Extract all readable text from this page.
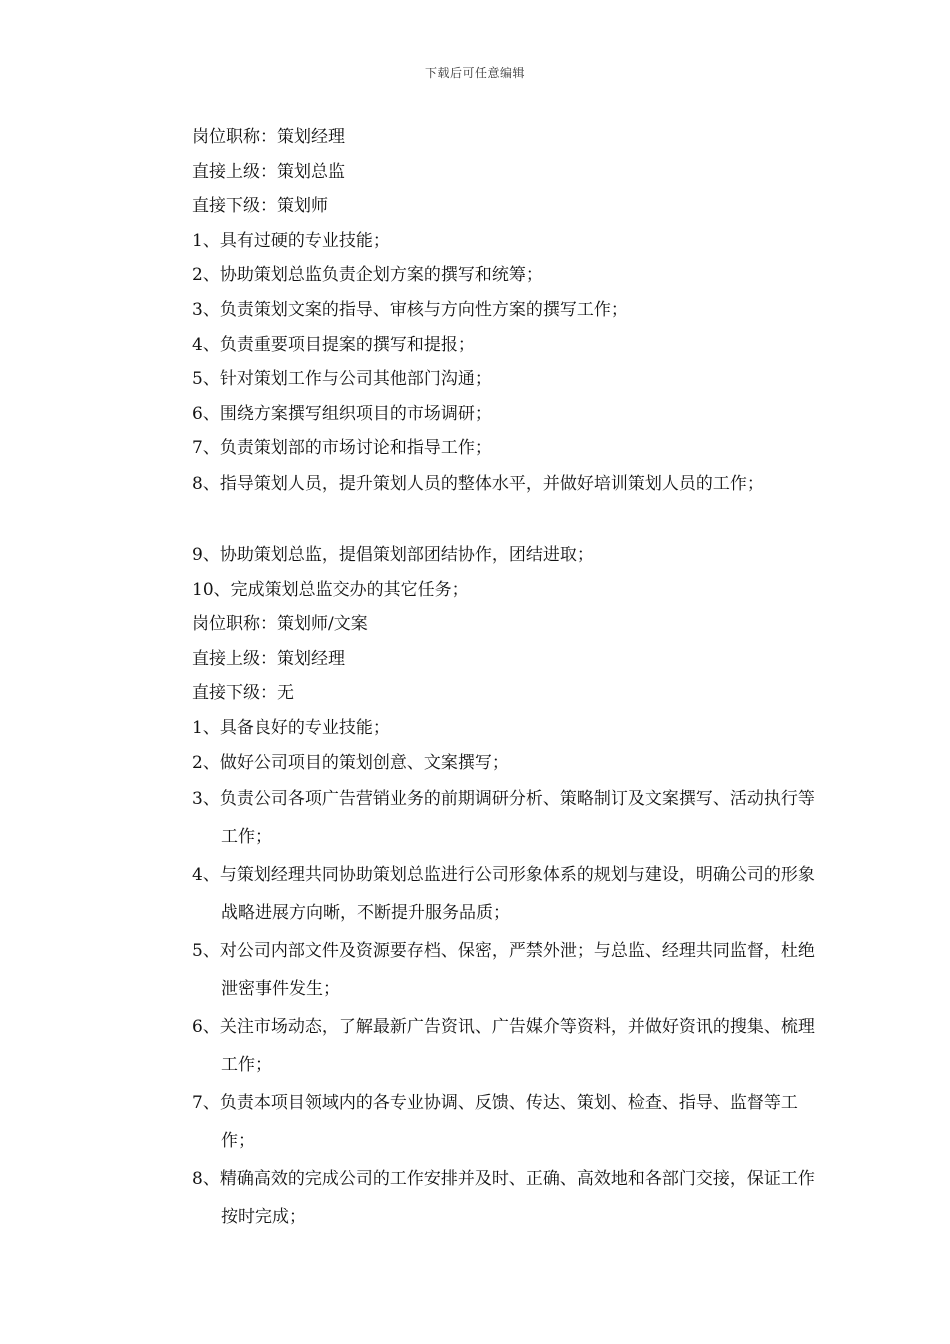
下载后可任意编辑
岗位职称：策划经理
直接上级：策划总监
直接下级：策划师
1、具有过硬的专业技能；
2、协助策划总监负责企划方案的撰写和统筹；
3、负责策划文案的指导、审核与方向性方案的撰写工作；
4、负责重要项目提案的撰写和提报；
5、针对策划工作与公司其他部门沟通；
6、围绕方案撰写组织项目的市场调研；
7、负责策划部的市场讨论和指导工作；
8、指导策划人员，提升策划人员的整体水平，并做好培训策划人员的工作；
9、协助策划总监，提倡策划部团结协作，团结进取；
10、完成策划总监交办的其它任务；
岗位职称：策划师/文案
直接上级：策划经理
直接下级：无
1、具备良好的专业技能；
2、做好公司项目的策划创意、文案撰写；
3、负责公司各项广告营销业务的前期调研分析、策略制订及文案撰写、活动执行等工作；
4、与策划经理共同协助策划总监进行公司形象体系的规划与建设，明确公司的形象战略进展方向晰，不断提升服务品质；
5、对公司内部文件及资源要存档、保密，严禁外泄；与总监、经理共同监督，杜绝泄密事件发生；
6、关注市场动态，了解最新广告资讯、广告媒介等资料，并做好资讯的搜集、梳理工作；
7、负责本项目领域内的各专业协调、反馈、传达、策划、检查、指导、监督等工作；
8、精确高效的完成公司的工作安排并及时、正确、高效地和各部门交接，保证工作按时完成；
